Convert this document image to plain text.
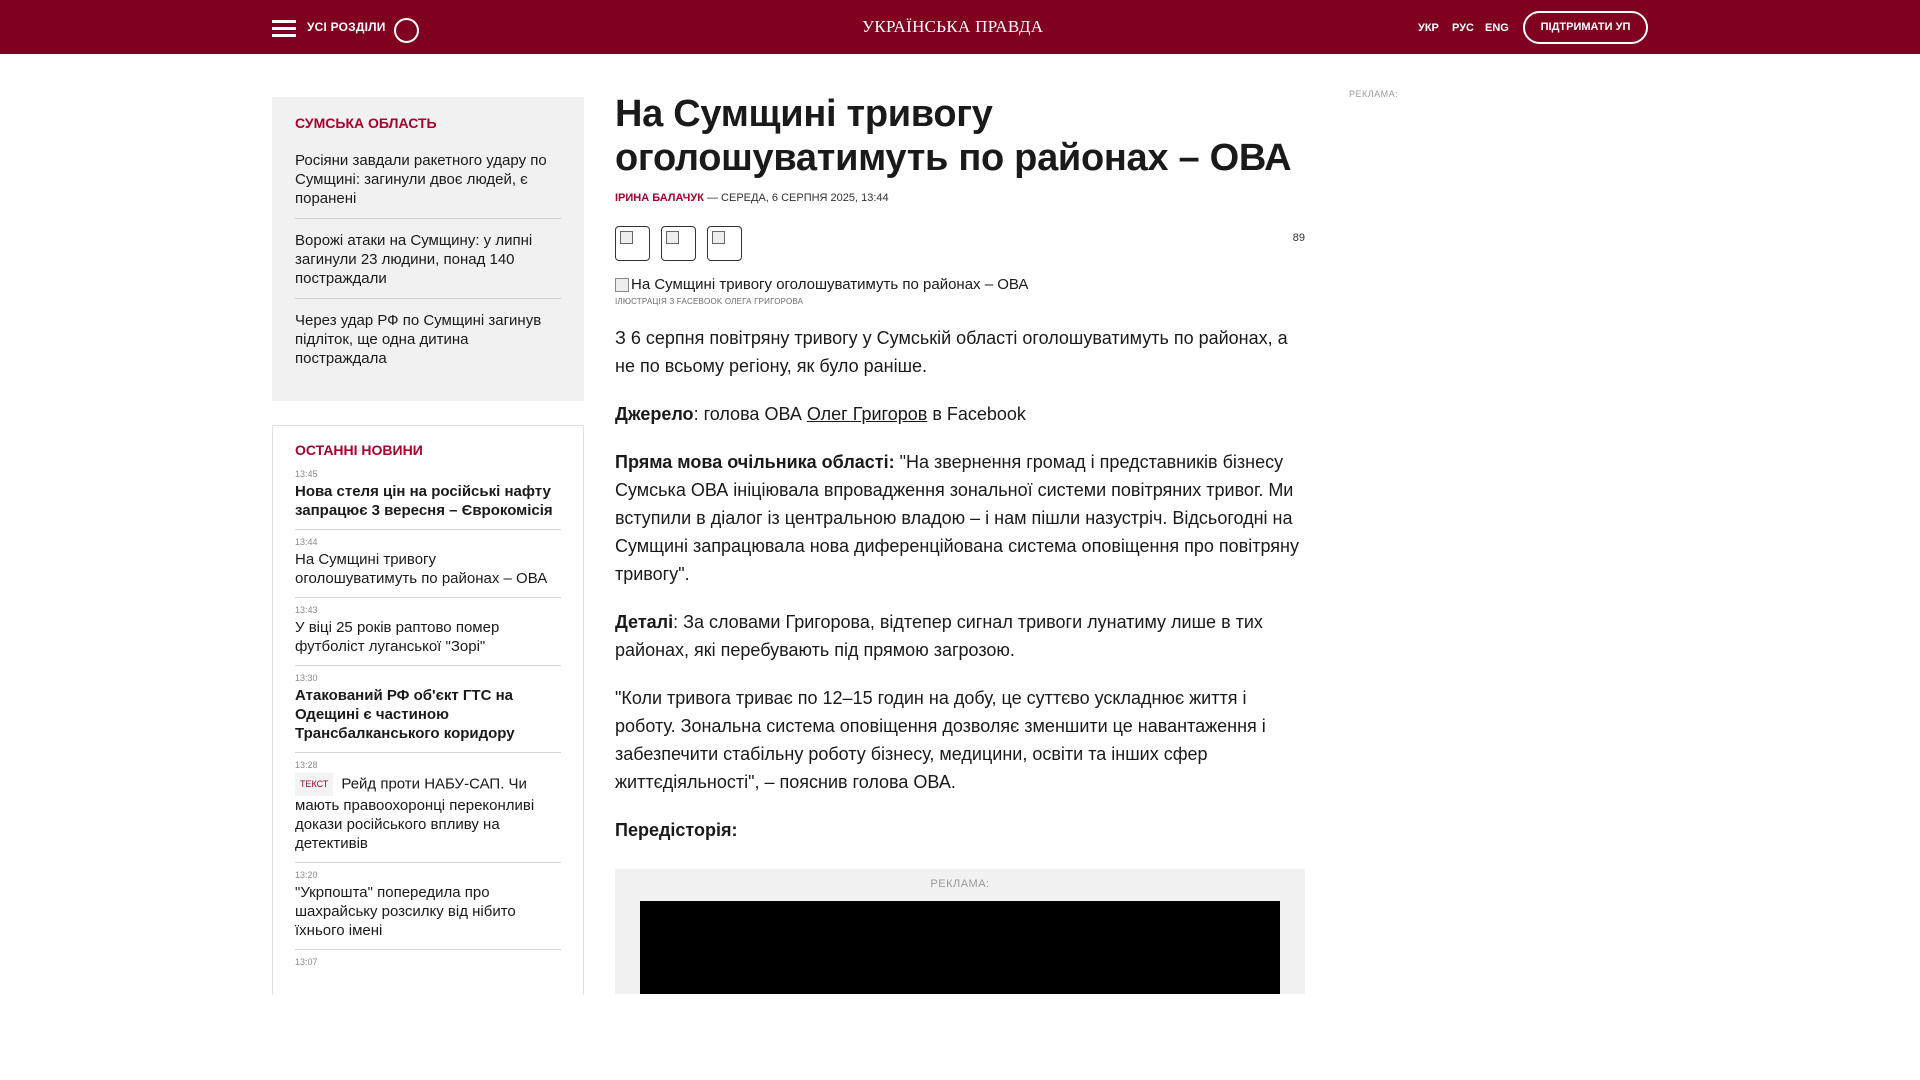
УСІ РОЗДІЛИ	УКРАЇНСЬКА ПРАВДА	УКР РУС ENG	ПІДТРИМАТИ УП
СУМСЬКА ОБЛАСТЬ
Росіяни завдали ракетного удару по Сумщині: загинули двоє людей, є поранені
Ворожі атаки на Сумщину: у липні загинули 23 людини, понад 140 постраждали
Через удар РФ по Сумщині загинув підліток, ще одна дитина постраждала
ОСТАННІ НОВИНИ
13:45
Нова стеля цін на російські нафту запрацює 3 вересня – Єврокомісія
13:44
На Сумщині тривогу оголошуватимуть по районах – ОВА
13:43
У віці 25 років раптово помер футболіст луганської "Зорі"
13:30
Атакований РФ об'єкт ГТС на Одещині є частиною Трансбалканського коридору
13:28
ТЕКСТ Рейд проти НАБУ-САП. Чи мають правоохоронці переконливі докази російського впливу на детективів
13:20
"Укрпошта" попередила про шахрайську розсилку від нібито їхнього імені
13:07
На Сумщині тривогу оголошуватимуть по районах – ОВА
ІРИНА БАЛАЧУК — СЕРЕДА, 6 СЕРПНЯ 2025, 13:44
89
На Сумщині тривогу оголошуватимуть по районах – ОВА
ІЛЮСТРАЦІЯ З FACEBOOK ОЛЕГА ГРИГОРОВА

З 6 серпня повітряну тривогу у Сумській області оголошуватимуть по районах, а не по всьому регіону, як було раніше.

Джерело: голова ОВА Олег Григоров в Facebook

Пряма мова очільника області: "На звернення громад і представників бізнесу Сумська ОВА ініціювала впровадження зональної системи повітряних тривог. Ми вступили в діалог із центральною владою – і нам пішли назустріч. Відсьогодні на Сумщині запрацювала нова диференційована система оповіщення про повітряну тривогу".

Деталі: За словами Григорова, відтепер сигнал тривоги лунатиму лише в тих районах, які перебувають під прямою загрозою.

"Коли тривога триває по 12–15 годин на добу, це суттєво ускладнює життя і роботу. Зональна система оповіщення дозволяє зменшити це навантаження і забезпечити стабільну роботу бізнесу, медицини, освіти та інших сфер життєдіяльності", – пояснив голова ОВА.

Передісторія:

РЕКЛАМА:
РЕКЛАМА:
